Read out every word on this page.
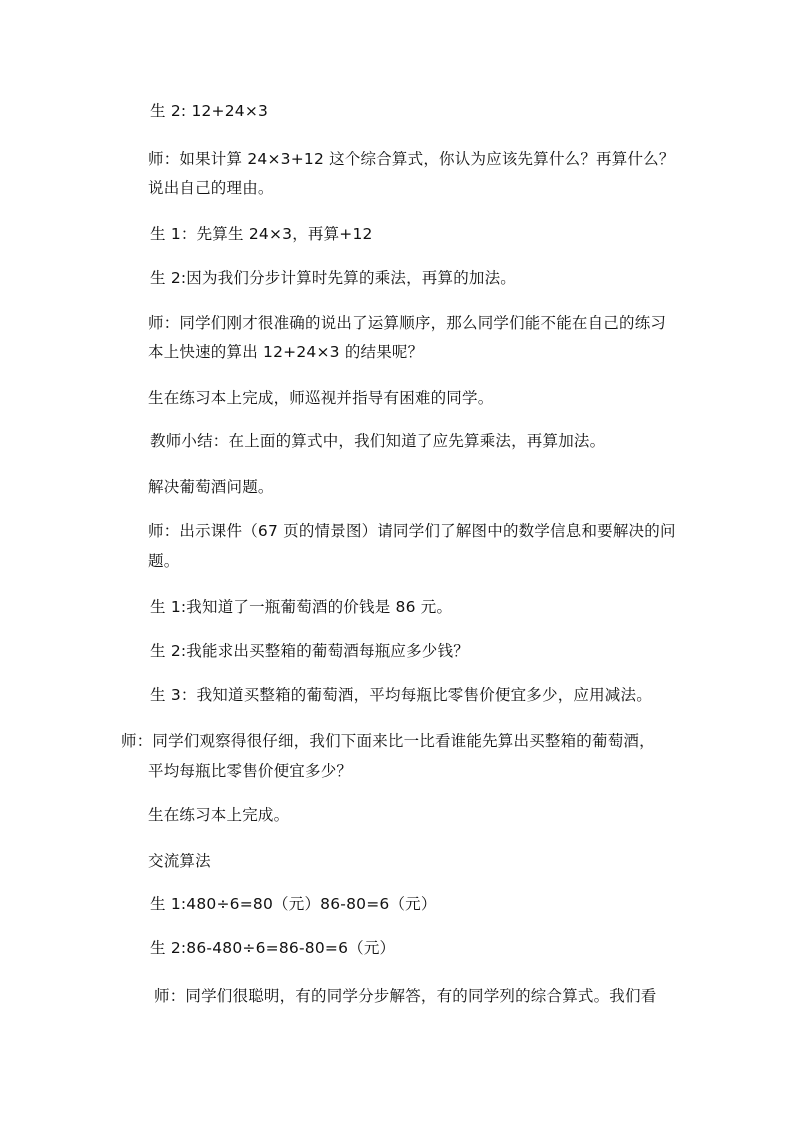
生 2: 12+24×3
师：如果计算 24×3+12 这个综合算式，你认为应该先算什么？再算什么？
说出自己的理由。
生 1：先算生 24×3，再算+12
生 2:因为我们分步计算时先算的乘法，再算的加法。
师：同学们刚才很准确的说出了运算顺序，那么同学们能不能在自己的练习
本上快速的算出 12+24×3 的结果呢？
生在练习本上完成，师巡视并指导有困难的同学。
教师小结：在上面的算式中，我们知道了应先算乘法，再算加法。
解决葡萄酒问题。
师：出示课件（67 页的情景图）请同学们了解图中的数学信息和要解决的问
题。
生 1:我知道了一瓶葡萄酒的价钱是 86 元。
生 2:我能求出买整箱的葡萄酒每瓶应多少钱？
生 3：我知道买整箱的葡萄酒，平均每瓶比零售价便宜多少，应用减法。
师：同学们观察得很仔细，我们下面来比一比看谁能先算出买整箱的葡萄酒，
平均每瓶比零售价便宜多少？
生在练习本上完成。
交流算法
生 1:480÷6=80（元）86-80=6（元）
生 2:86-480÷6=86-80=6（元）
师：同学们很聪明，有的同学分步解答，有的同学列的综合算式。我们看
